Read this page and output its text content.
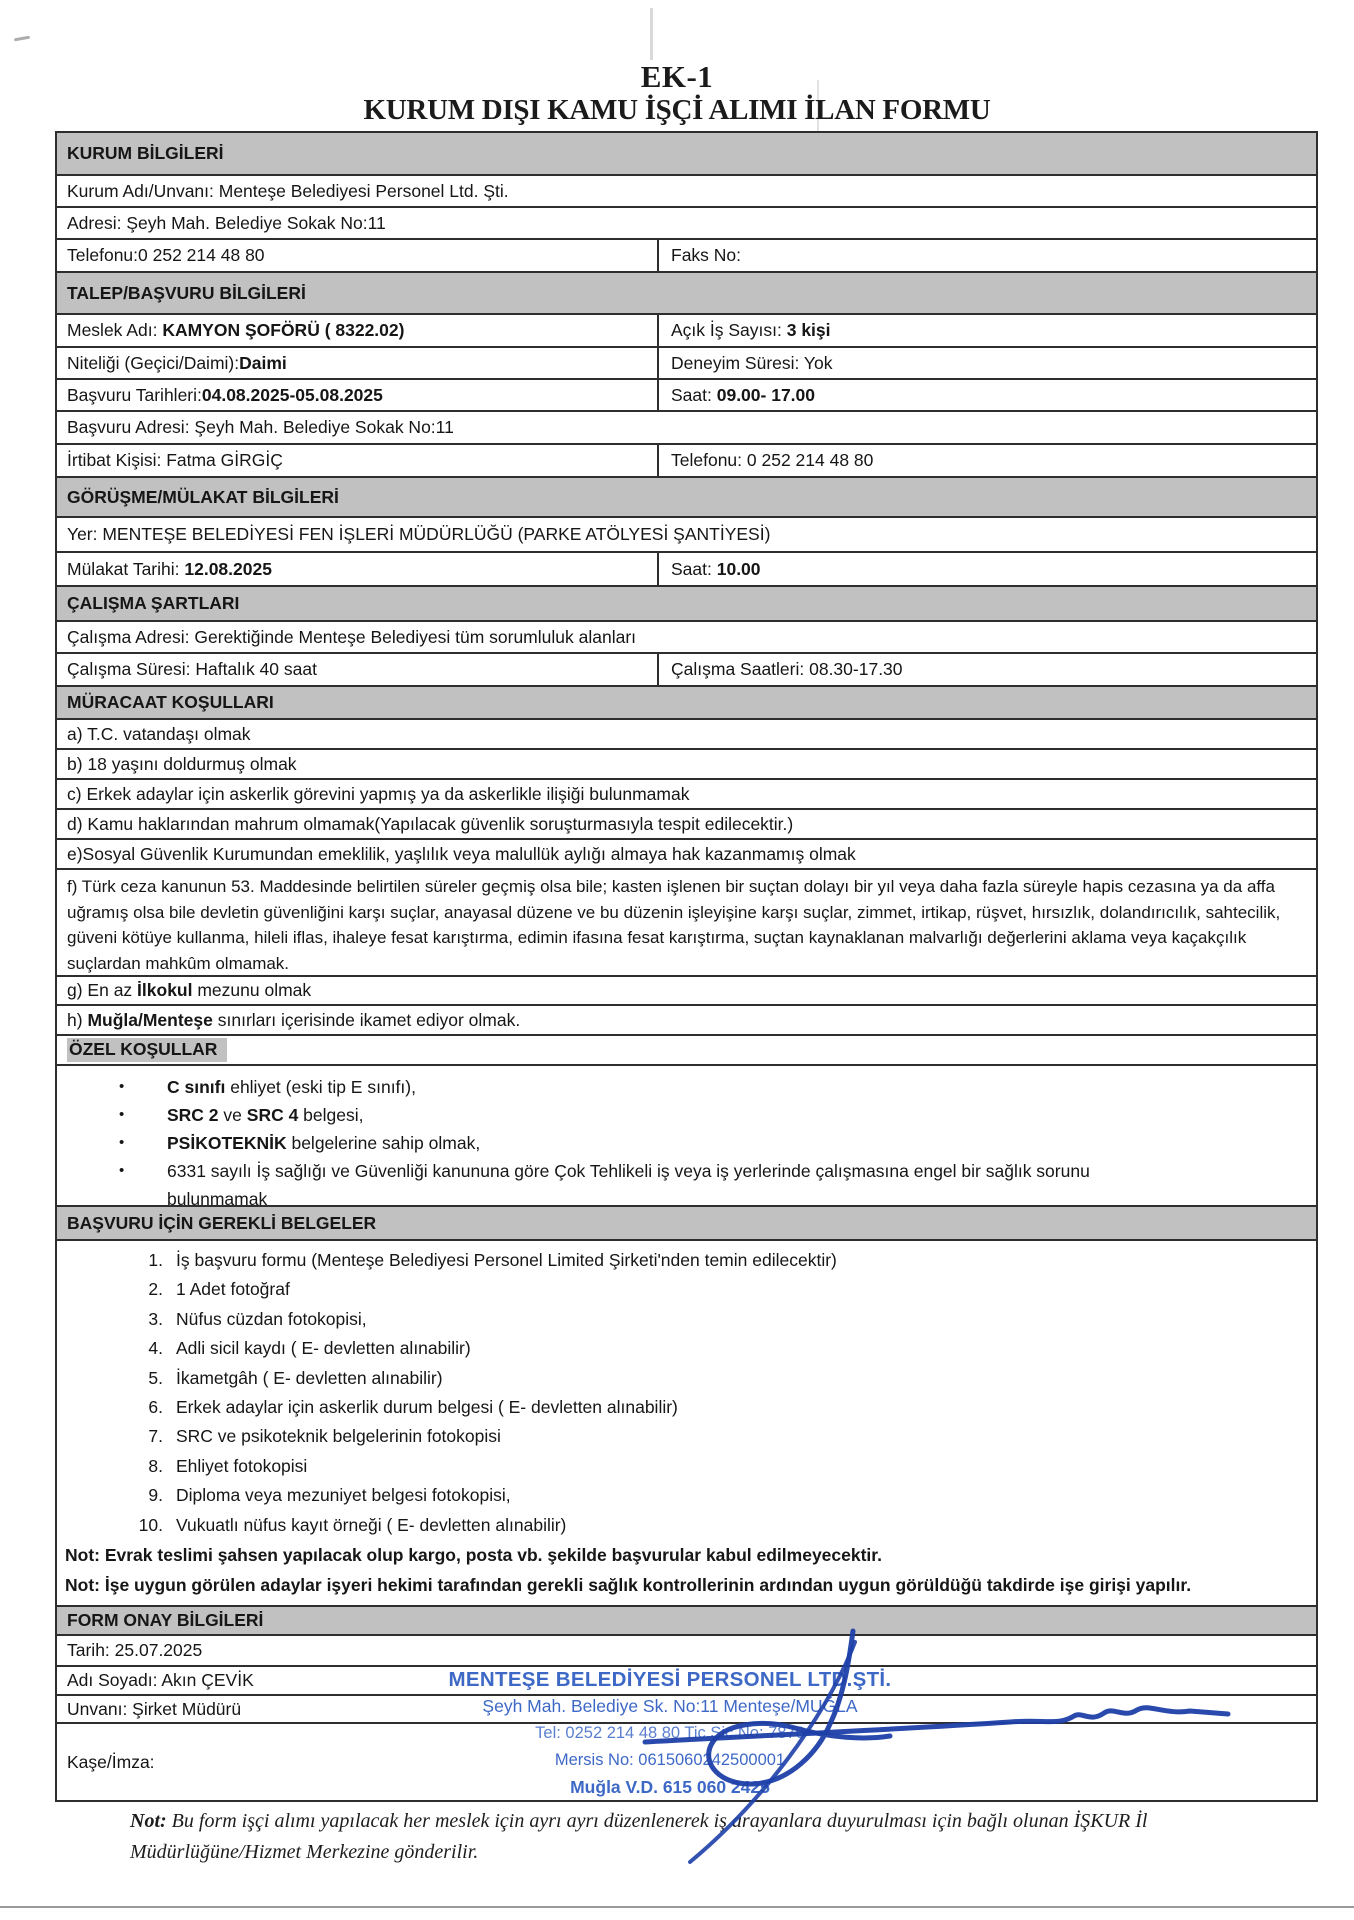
EK-1
KURUM DIŞI KAMU İŞÇİ ALIMI İLAN FORMU
KURUM BİLGİLERİ
Kurum Adı/Unvanı: Menteşe Belediyesi Personel Ltd. Şti.
Adresi: Şeyh Mah. Belediye Sokak No:11
Telefonu:0 252 214 48 80	Faks No:
TALEP/BAŞVURU BİLGİLERİ
Meslek Adı: KAMYON ŞOFÖRÜ ( 8322.02)	Açık İş Sayısı: 3 kişi
Niteliği (Geçici/Daimi):Daimi	Deneyim Süresi: Yok
Başvuru Tarihleri:04.08.2025-05.08.2025	Saat: 09.00- 17.00
Başvuru Adresi: Şeyh Mah. Belediye Sokak No:11
İrtibat Kişisi: Fatma GİRGİÇ	Telefonu: 0 252 214 48 80
GÖRÜŞME/MÜLAKAT BİLGİLERİ
Yer: MENTEŞE BELEDİYESİ FEN İŞLERİ MÜDÜRLÜĞÜ (PARKE ATÖLYESİ ŞANTİYESİ)
Mülakat Tarihi: 12.08.2025	Saat: 10.00
ÇALIŞMA ŞARTLARI
Çalışma Adresi: Gerektiğinde Menteşe Belediyesi tüm sorumluluk alanları
Çalışma Süresi: Haftalık 40 saat	Çalışma Saatleri: 08.30-17.30
MÜRACAAT KOŞULLARI
a) T.C. vatandaşı olmak
b) 18 yaşını doldurmuş olmak
c) Erkek adaylar için askerlik görevini yapmış ya da askerlikle ilişiği bulunmamak
d) Kamu haklarından mahrum olmamak(Yapılacak güvenlik soruşturmasıyla tespit edilecektir.)
e)Sosyal Güvenlik Kurumundan emeklilik, yaşlılık veya malullük aylığı almaya hak kazanmamış olmak
f) Türk ceza kanunun 53. Maddesinde belirtilen süreler geçmiş olsa bile; kasten işlenen bir suçtan dolayı bir yıl veya daha fazla süreyle hapis cezasına ya da affa uğramış olsa bile devletin güvenliğini karşı suçlar, anayasal düzene ve bu düzenin işleyişine karşı suçlar, zimmet, irtikap, rüşvet, hırsızlık, dolandırıcılık, sahtecilik, güveni kötüye kullanma, hileli iflas, ihaleye fesat karıştırma, edimin ifasına fesat karıştırma, suçtan kaynaklanan malvarlığı değerlerini aklama veya kaçakçılık suçlardan mahkûm olmamak.
g) En az İlkokul mezunu olmak
h) Muğla/Menteşe sınırları içerisinde ikamet ediyor olmak.
ÖZEL KOŞULLAR
•	C sınıfı ehliyet (eski tip E sınıfı),
•	SRC 2 ve SRC 4 belgesi,
•	PSİKOTEKNİK belgelerine sahip olmak,
•	6331 sayılı İş sağlığı ve Güvenliği kanununa göre Çok Tehlikeli iş veya iş yerlerinde çalışmasına engel bir sağlık sorunu bulunmamak
BAŞVURU İÇİN GEREKLİ BELGELER
1. İş başvuru formu (Menteşe Belediyesi Personel Limited Şirketi'nden temin edilecektir)
2. 1 Adet fotoğraf
3. Nüfus cüzdan fotokopisi,
4. Adli sicil kaydı ( E- devletten alınabilir)
5. İkametgâh ( E- devletten alınabilir)
6. Erkek adaylar için askerlik durum belgesi ( E- devletten alınabilir)
7. SRC ve psikoteknik belgelerinin fotokopisi
8. Ehliyet fotokopisi
9. Diploma veya mezuniyet belgesi fotokopisi,
10. Vukuatlı nüfus kayıt örneği ( E- devletten alınabilir)
Not: Evrak teslimi şahsen yapılacak olup kargo, posta vb. şekilde başvurular kabul edilmeyecektir.
Not: İşe uygun görülen adaylar işyeri hekimi tarafından gerekli sağlık kontrollerinin ardından uygun görüldüğü takdirde işe girişi yapılır.
FORM ONAY BİLGİLERİ
Tarih: 25.07.2025
Adı Soyadı: Akın ÇEVİK
Unvanı: Şirket Müdürü
Kaşe/İmza:
MENTEŞE BELEDİYESİ PERSONEL LTD.ŞTİ.
Şeyh Mah. Belediye Sk. No:11 Menteşe/MUĞLA
Tel: 0252 214 48 80 Tic.Sic.No: 7870
Mersis No: 0615060242500001
Muğla V.D. 615 060 2425
Not: Bu form işçi alımı yapılacak her meslek için ayrı ayrı düzenlenerek iş arayanlara duyurulması için bağlı olunan İŞKUR İl Müdürlüğüne/Hizmet Merkezine gönderilir.
